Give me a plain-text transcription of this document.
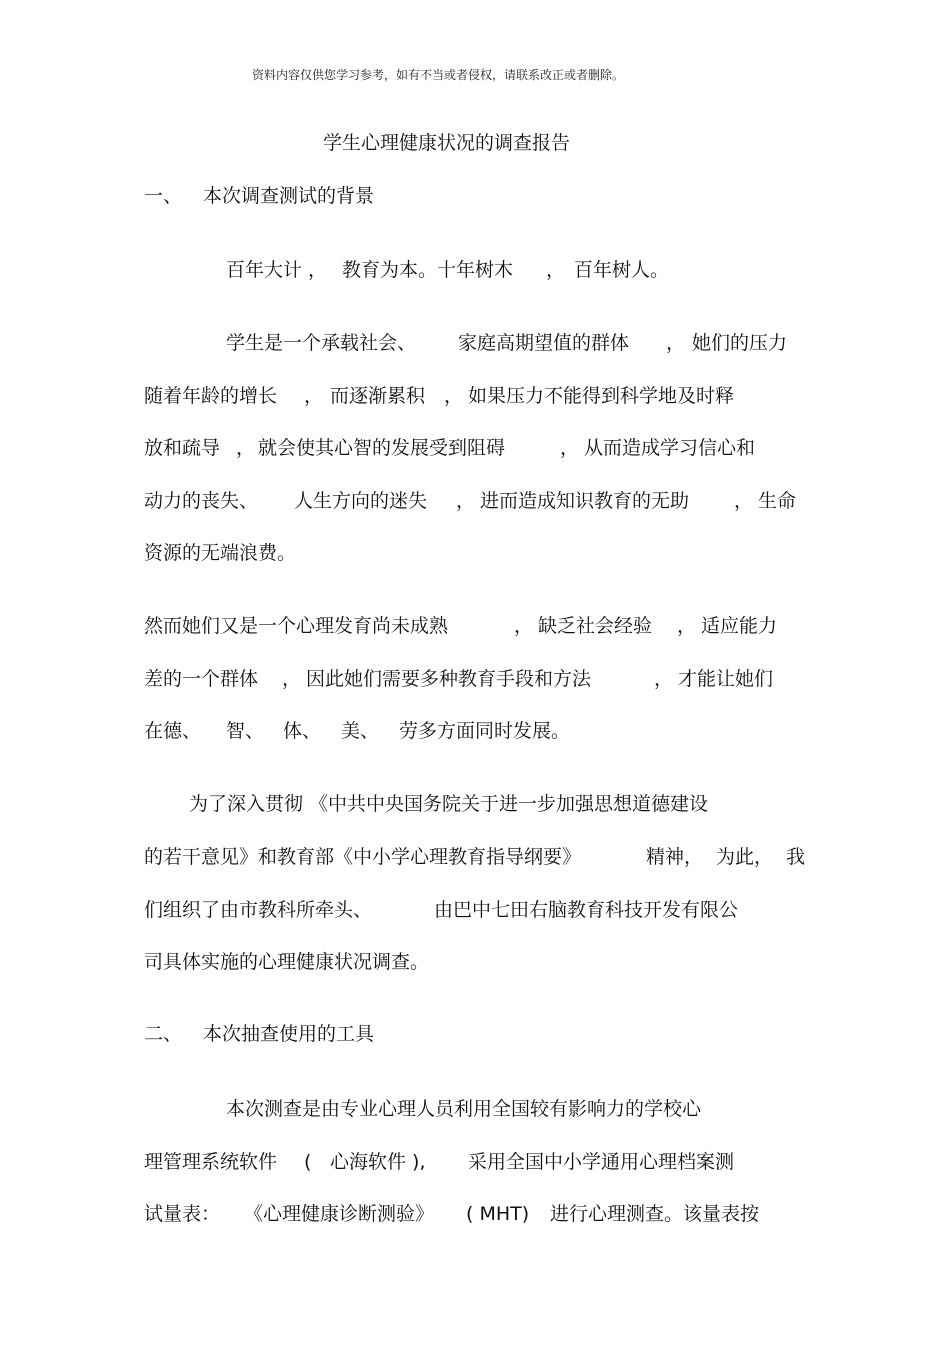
资料内容仅供您学习参考，如有不当或者侵权，请联系改正或者删除。
学生心理健康状况的调查报告
一、 本次调查测试的背景
百年大计 ， 教育为本。十年树木 ， 百年树人。
学生是一个承载社会、 家庭高期望值的群体 ， 她们的压力
随着年龄的增长 ， 而逐渐累积 ， 如果压力不能得到科学地及时释
放和疏导 ， 就会使其心智的发展受到阻碍	， 从而造成学习信心和
动力的丧失、 人生方向的迷失 ， 进而造成知识教育的无助 ， 生命
资源的无端浪费。
然而她们又是一个心理发育尚未成熟	， 缺乏社会经验 ， 适应能力
差的一个群体 ， 因此她们需要多种教育手段和方法	， 才能让她们
在德、 智、 体、 美、 劳多方面同时发展。
为了深入贯彻 《中共中央国务院关于进一步加强思想道德建设
的若干意见》和教育部《中小学心理教育指导纲要》	精神， 为此， 我
们组织了由市教科所牵头、	由巴中七田右脑教育科技开发有限公
司具体实施的心理健康状况调查。
二、 本次抽查使用的工具
本次测查是由专业心理人员利用全国较有影响力的学校心
理管理系统软件 ( 心海软件 ), 采用全国中小学通用心理档案测
试量表： 《心理健康诊断测验》 ( MHT) 进行心理测查。该量表按
